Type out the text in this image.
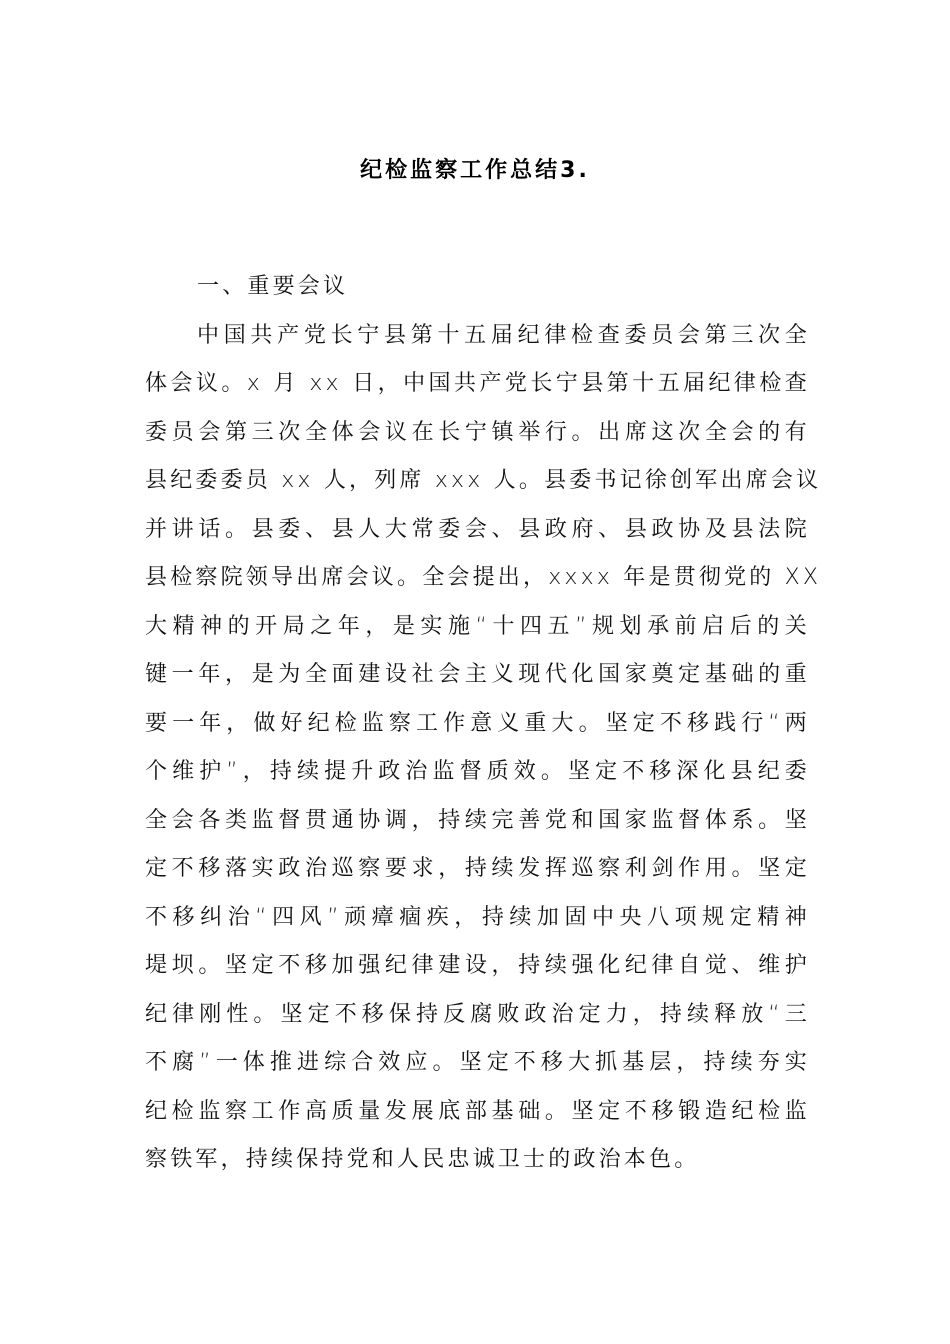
纪检监察工作总结3.
一、重要会议
中国共产党长宁县第十五届纪律检查委员会第三次全
体会议。x 月 xx 日，中国共产党长宁县第十五届纪律检查
委员会第三次全体会议在长宁镇举行。出席这次全会的有
县纪委委员 xx 人，列席 xxx 人。县委书记徐创军出席会议
并讲话。县委、县人大常委会、县政府、县政协及县法院
县检察院领导出席会议。全会提出，xxxx 年是贯彻党的 XX
大精神的开局之年，是实施“十四五”规划承前启后的关
键一年，是为全面建设社会主义现代化国家奠定基础的重
要一年，做好纪检监察工作意义重大。坚定不移践行“两
个维护”，持续提升政治监督质效。坚定不移深化县纪委
全会各类监督贯通协调，持续完善党和国家监督体系。坚
定不移落实政治巡察要求，持续发挥巡察利剑作用。坚定
不移纠治“四风”顽瘴痼疾，持续加固中央八项规定精神
堤坝。坚定不移加强纪律建设，持续强化纪律自觉、维护
纪律刚性。坚定不移保持反腐败政治定力，持续释放“三
不腐”一体推进综合效应。坚定不移大抓基层，持续夯实
纪检监察工作高质量发展底部基础。坚定不移锻造纪检监
察铁军，持续保持党和人民忠诚卫士的政治本色。
